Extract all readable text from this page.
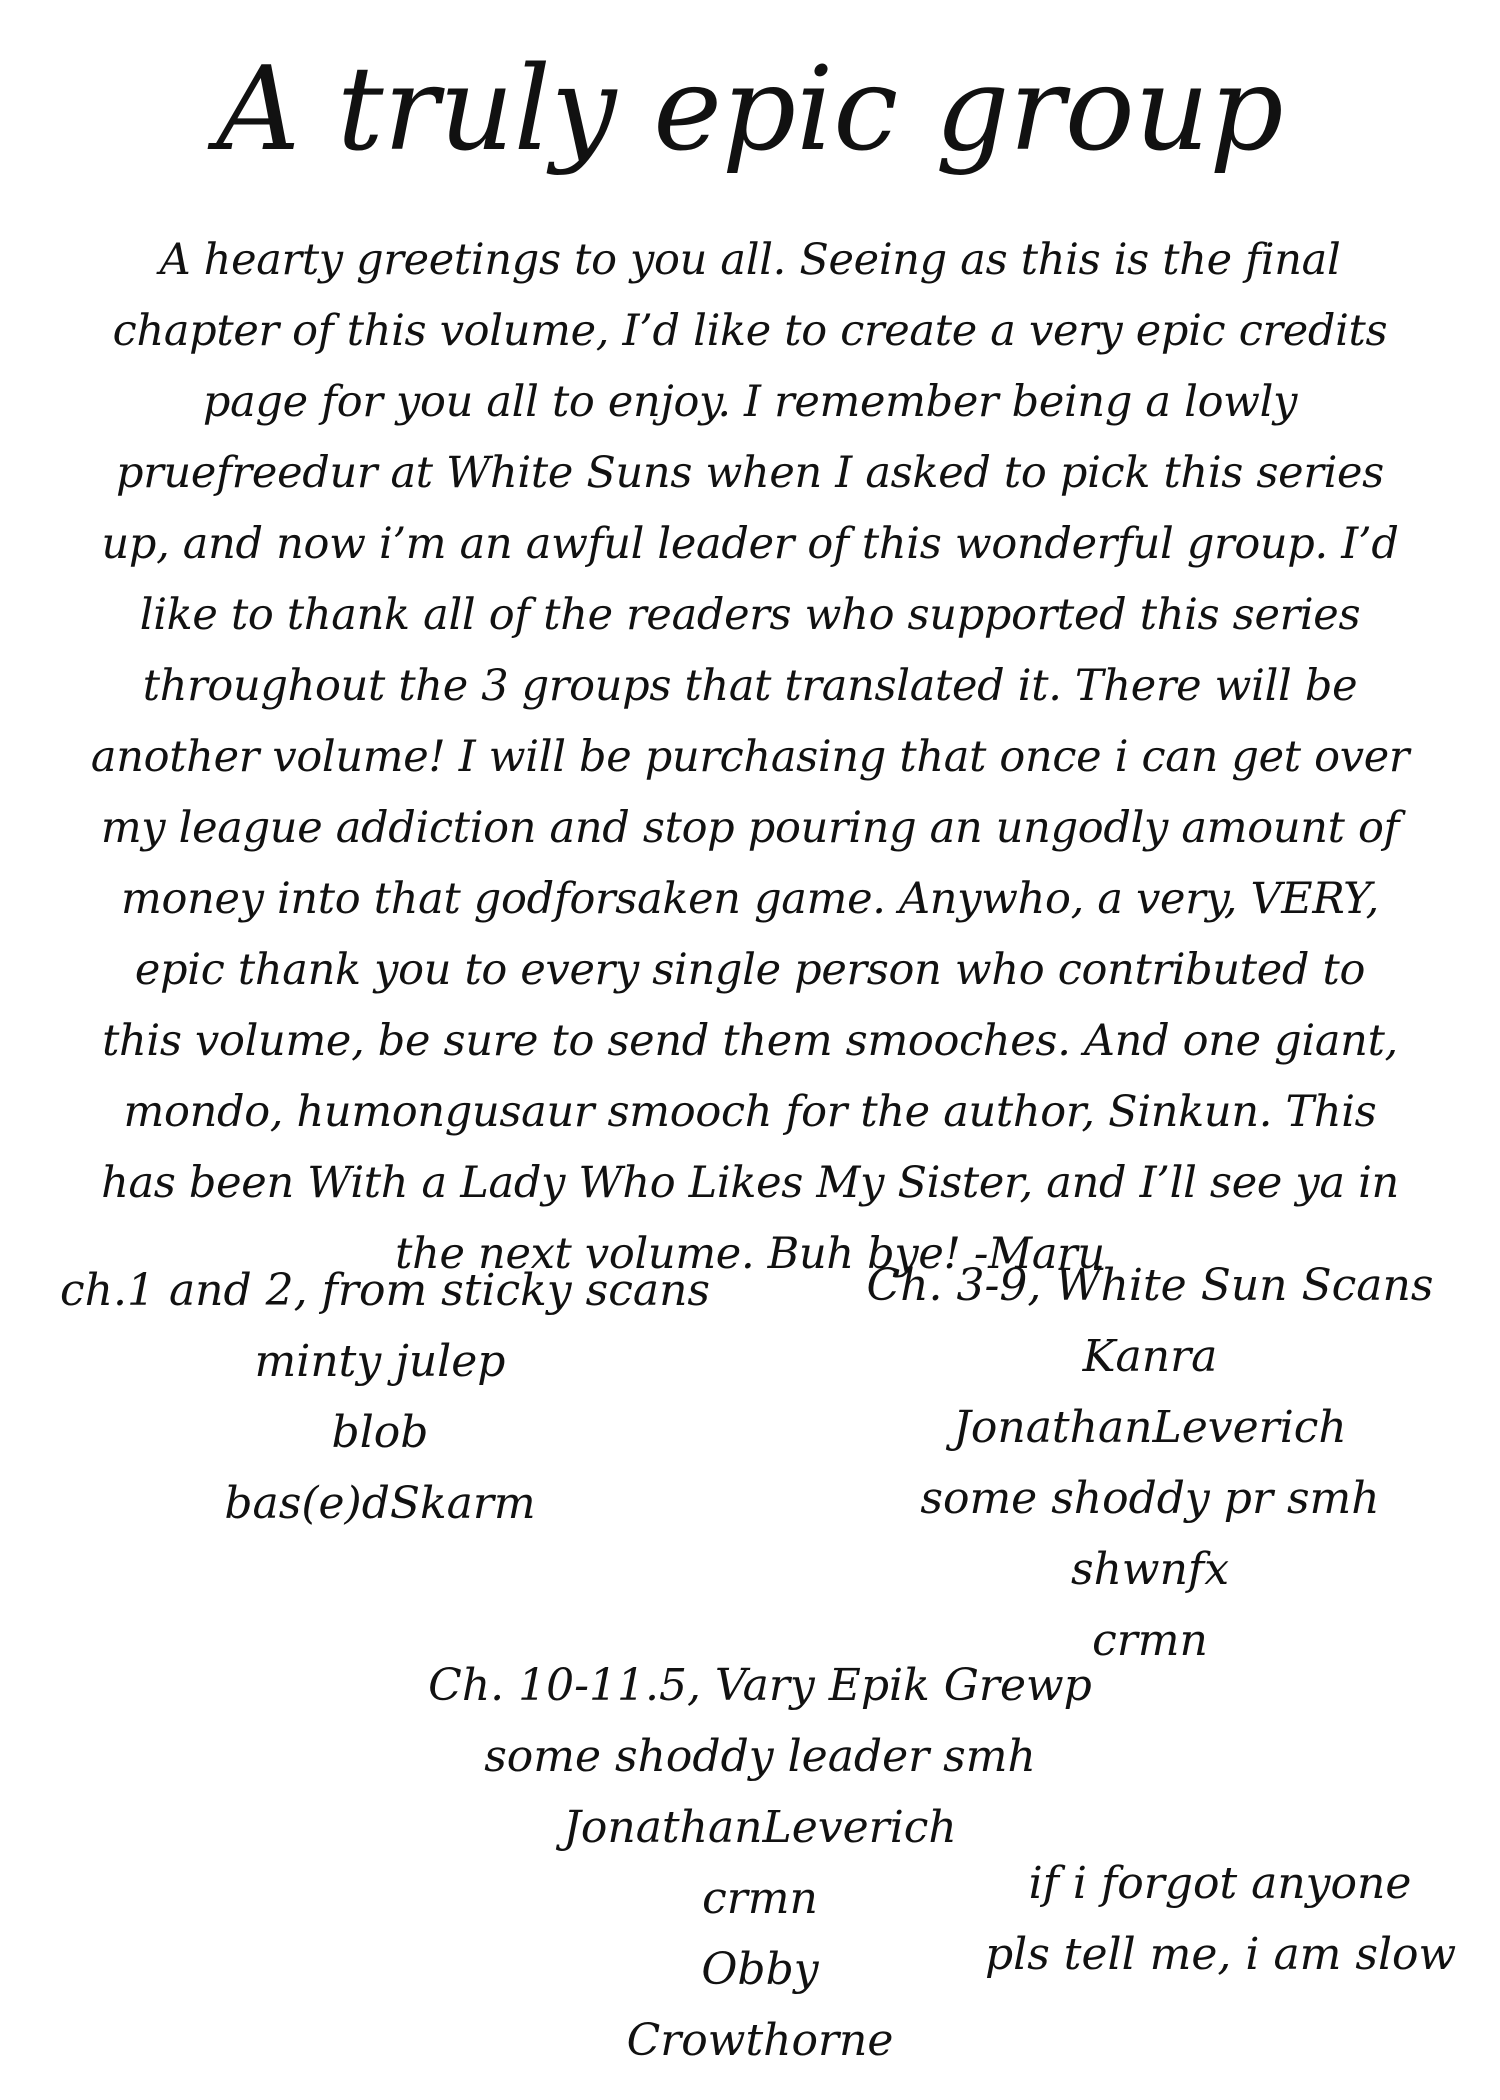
A truly epic group

A hearty greetings to you all. Seeing as this is the final chapter of this volume, I’d like to create a very epic credits page for you all to enjoy. I remember being a lowly pruefreedur at White Suns when I asked to pick this series up, and now i’m an awful leader of this wonderful group. I’d like to thank all of the readers who supported this series throughout the 3 groups that translated it. There will be another volume! I will be purchasing that once i can get over my league addiction and stop pouring an ungodly amount of money into that godforsaken game. Anywho, a very, VERY, epic thank you to every single person who contributed to this volume, be sure to send them smooches. And one giant, mondo, humongusaur smooch for the author, Sinkun. This has been With a Lady Who Likes My Sister, and I’ll see ya in the next volume. Buh bye! -Maru

ch.1 and 2, from sticky scans
minty julep
blob
bas(e)dSkarm
Ch. 3-9, White Sun Scans
Kanra
JonathanLeverich
some shoddy pr smh
shwnfx
crmn
Ch. 10-11.5, Vary Epik Grewp
some shoddy leader smh
JonathanLeverich
crmn
Obby
Crowthorne
if i forgot anyone
pls tell me, i am slow
